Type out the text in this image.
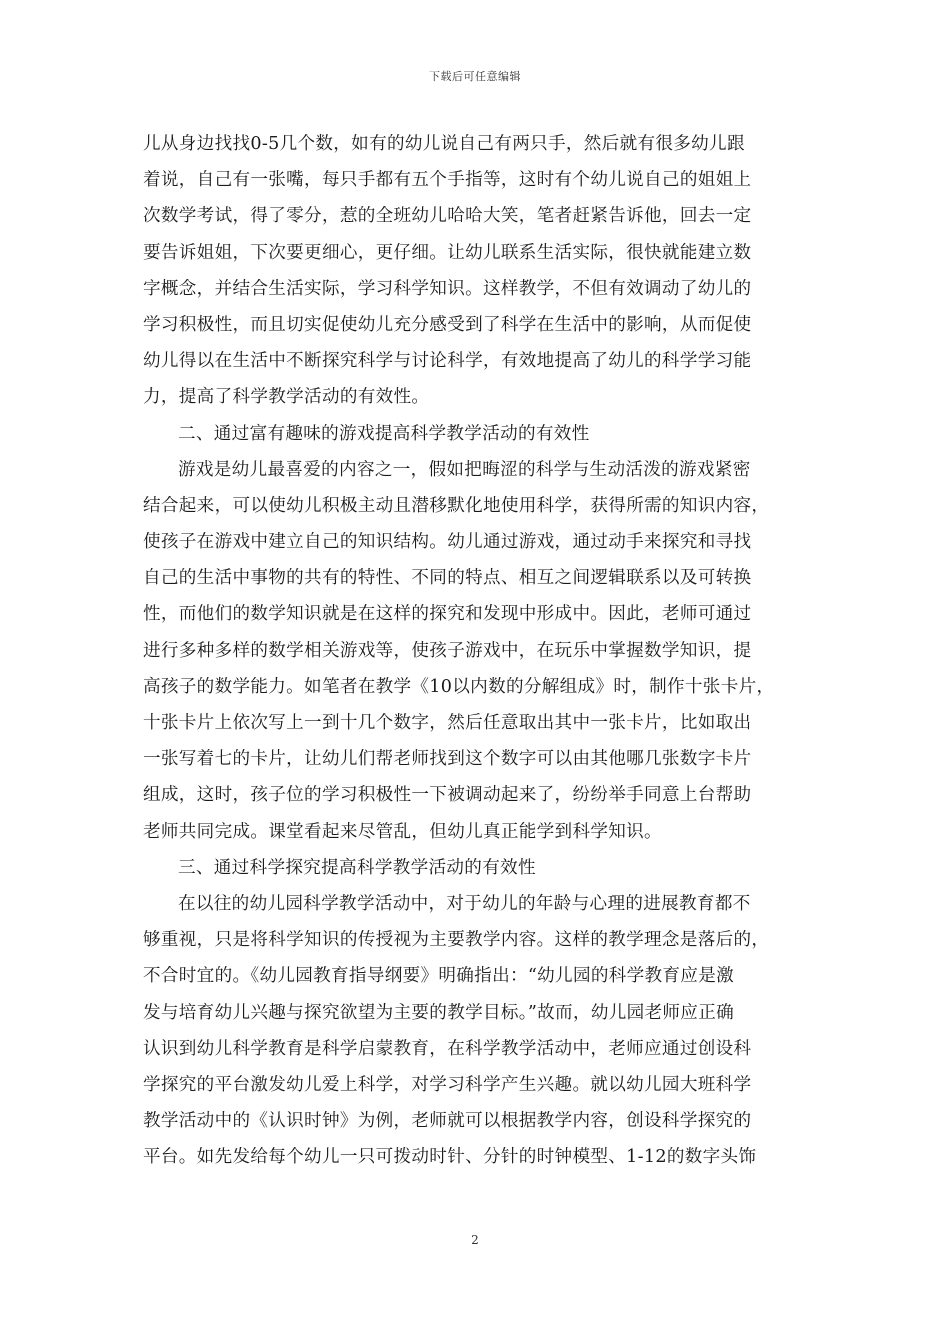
下载后可任意编辑
儿从身边找找0-5几个数，如有的幼儿说自己有两只手，然后就有很多幼儿跟
着说，自己有一张嘴，每只手都有五个手指等，这时有个幼儿说自己的姐姐上
次数学考试，得了零分，惹的全班幼儿哈哈大笑，笔者赶紧告诉他，回去一定
要告诉姐姐，下次要更细心，更仔细。让幼儿联系生活实际，很快就能建立数
字概念，并结合生活实际，学习科学知识。这样教学，不但有效调动了幼儿的
学习积极性，而且切实促使幼儿充分感受到了科学在生活中的影响，从而促使
幼儿得以在生活中不断探究科学与讨论科学，有效地提高了幼儿的科学学习能
力，提高了科学教学活动的有效性。
二、通过富有趣味的游戏提高科学教学活动的有效性
游戏是幼儿最喜爱的内容之一，假如把晦涩的科学与生动活泼的游戏紧密
结合起来，可以使幼儿积极主动且潜移默化地使用科学，获得所需的知识内容，
使孩子在游戏中建立自己的知识结构。幼儿通过游戏，通过动手来探究和寻找
自己的生活中事物的共有的特性、不同的特点、相互之间逻辑联系以及可转换
性，而他们的数学知识就是在这样的探究和发现中形成中。因此，老师可通过
进行多种多样的数学相关游戏等，使孩子游戏中，在玩乐中掌握数学知识，提
高孩子的数学能力。如笔者在教学《10以内数的分解组成》时，制作十张卡片，
十张卡片上依次写上一到十几个数字，然后任意取出其中一张卡片，比如取出
一张写着七的卡片，让幼儿们帮老师找到这个数字可以由其他哪几张数字卡片
组成，这时，孩子位的学习积极性一下被调动起来了，纷纷举手同意上台帮助
老师共同完成。课堂看起来尽管乱，但幼儿真正能学到科学知识。
三、通过科学探究提高科学教学活动的有效性
在以往的幼儿园科学教学活动中，对于幼儿的年龄与心理的进展教育都不
够重视，只是将科学知识的传授视为主要教学内容。这样的教学理念是落后的，
不合时宜的。《幼儿园教育指导纲要》明确指出：“幼儿园的科学教育应是激
发与培育幼儿兴趣与探究欲望为主要的教学目标。”故而，幼儿园老师应正确
认识到幼儿科学教育是科学启蒙教育，在科学教学活动中，老师应通过创设科
学探究的平台激发幼儿爱上科学，对学习科学产生兴趣。就以幼儿园大班科学
教学活动中的《认识时钟》为例，老师就可以根据教学内容，创设科学探究的
平台。如先发给每个幼儿一只可拨动时针、分针的时钟模型、1-12的数字头饰
2
